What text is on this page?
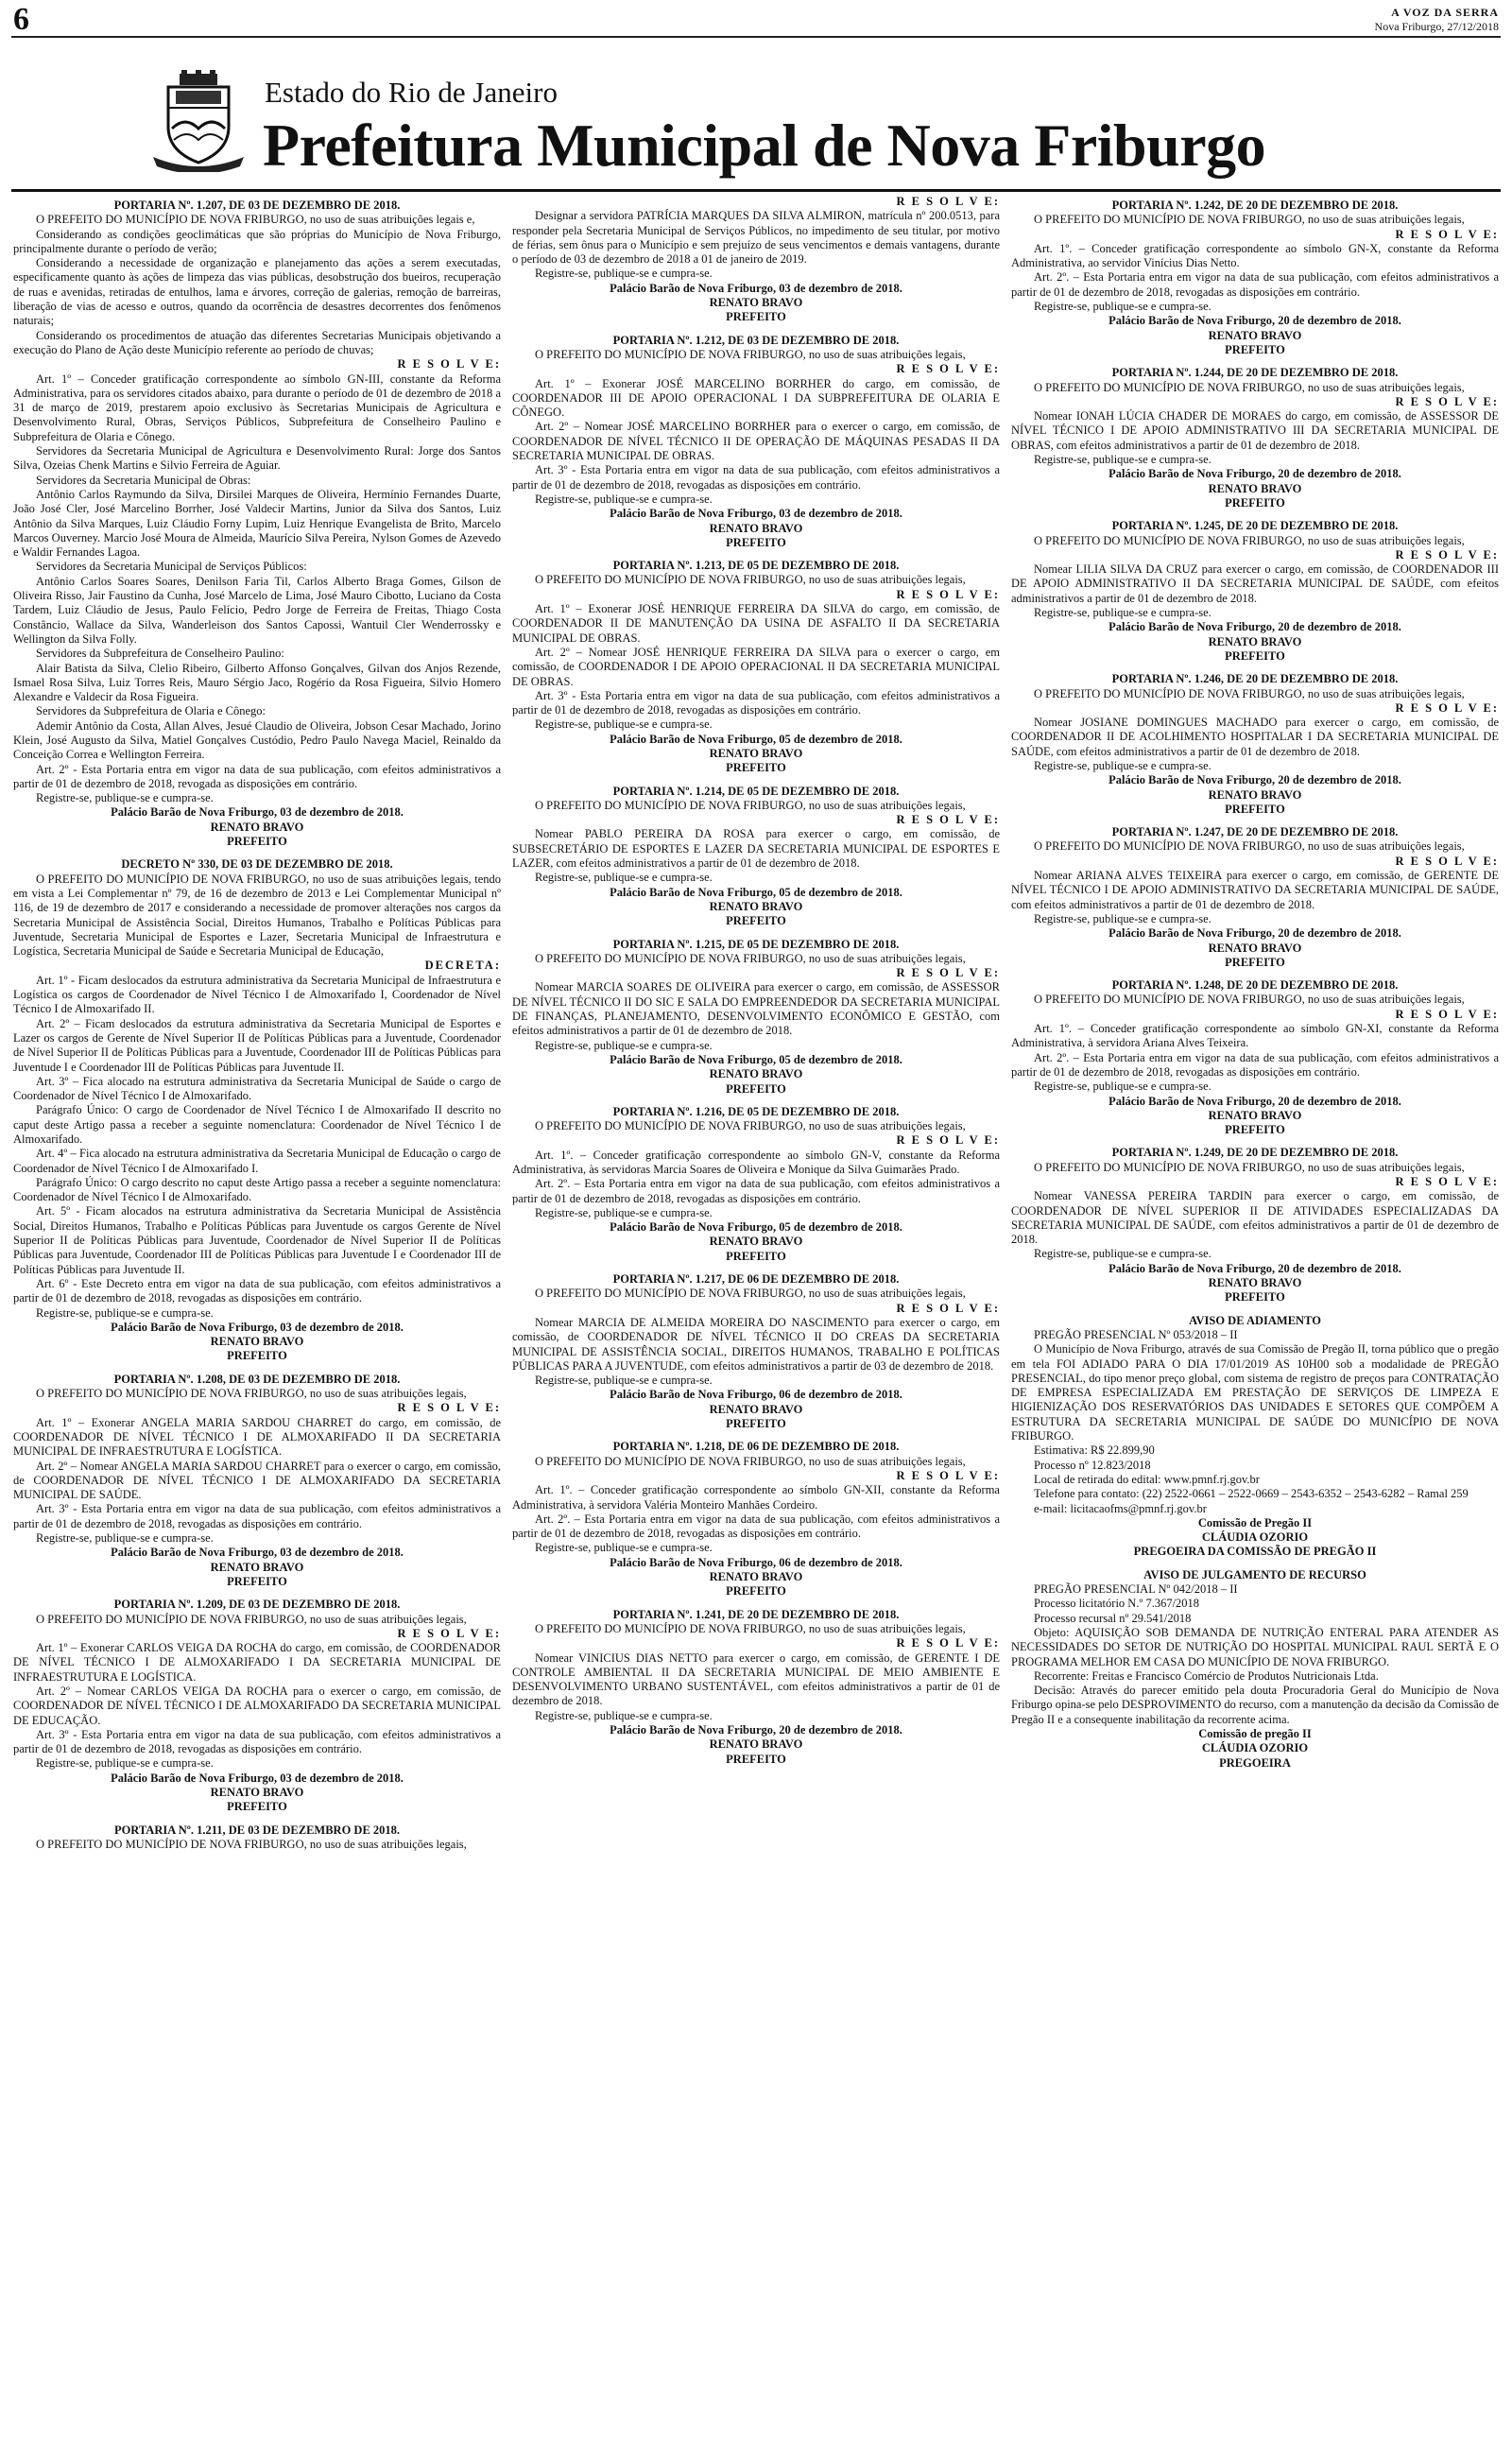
6	A VOZ DA SERRA
Nova Friburgo, 27/12/2018
Estado do Rio de Janeiro
Prefeitura Municipal de Nova Friburgo
PORTARIA Nº. 1.207, DE 03 DE DEZEMBRO DE 2018.

O PREFEITO DO MUNICÍPIO DE NOVA FRIBURGO, no uso de suas atribuições legais e,

Considerando as condições geoclimáticas que são próprias do Município de Nova Friburgo, principalmente durante o período de verão;

Considerando a necessidade de organização e planejamento das ações a serem executadas, especificamente quanto às ações de limpeza das vias públicas, desobstrução dos bueiros, recuperação de ruas e avenidas, retiradas de entulhos, lama e árvores, correção de galerias, remoção de barreiras, liberação de vias de acesso e outros, quando da ocorrência de desastres decorrentes dos fenômenos naturais;

Considerando os procedimentos de atuação das diferentes Secretarias Municipais objetivando a execução do Plano de Ação deste Município referente ao período de chuvas;

R E S O L V E:

Art. 1º – Conceder gratificação correspondente ao símbolo GN-III, constante da Reforma Administrativa, para os servidores citados abaixo, para durante o período de 01 de dezembro de 2018 a 31 de março de 2019, prestarem apoio exclusivo às Secretarias Municipais de Agricultura e Desenvolvimento Rural, Obras, Serviços Públicos, Subprefeitura de Conselheiro Paulino e Subprefeitura de Olaria e Cônego.

Servidores da Secretaria Municipal de Agricultura e Desenvolvimento Rural: Jorge dos Santos Silva, Ozeias Chenk Martins e Silvio Ferreira de Aguiar.

Servidores da Secretaria Municipal de Obras:

Antônio Carlos Raymundo da Silva, Dirsilei Marques de Oliveira, Hermínio Fernandes Duarte, João José Cler, José Marcelino Borrher, José Valdecir Martins, Junior da Silva dos Santos, Luiz Antônio da Silva Marques, Luiz Cláudio Forny Lupim, Luiz Henrique Evangelista de Brito, Marcelo Marcos Ouverney. Marcio José Moura de Almeida, Maurício Silva Pereira, Nylson Gomes de Azevedo e Waldir Fernandes Lagoa.

Servidores da Secretaria Municipal de Serviços Públicos:

Antônio Carlos Soares Soares, Denilson Faria Til, Carlos Alberto Braga Gomes, Gilson de Oliveira Risso, Jair Faustino da Cunha, José Marcelo de Lima, José Mauro Cibotto, Luciano da Costa Tardem, Luiz Cláudio de Jesus, Paulo Felício, Pedro Jorge de Ferreira de Freitas, Thiago Costa Constâncio, Wallace da Silva, Wanderleison dos Santos Capossi, Wantuil Cler Wenderrossky e Wellington da Silva Folly.

Servidores da Subprefeitura de Conselheiro Paulino:

Alair Batista da Silva, Clelio Ribeiro, Gilberto Affonso Gonçalves, Gilvan dos Anjos Rezende, Ismael Rosa Silva, Luiz Torres Reis, Mauro Sérgio Jaco, Rogério da Rosa Figueira, Silvio Homero Alexandre e Valdecir da Rosa Figueira.

Servidores da Subprefeitura de Olaria e Cônego:

Ademir Antônio da Costa, Allan Alves, Jesué Claudio de Oliveira, Jobson Cesar Machado, Jorino Klein, José Augusto da Silva, Matiel Gonçalves Custódio, Pedro Paulo Navega Maciel, Reinaldo da Conceição Correa e Wellington Ferreira.

Art. 2º - Esta Portaria entra em vigor na data de sua publicação, com efeitos administrativos a partir de 01 de dezembro de 2018, revogada as disposições em contrário.

Registre-se, publique-se e cumpra-se.

Palácio Barão de Nova Friburgo, 03 de dezembro de 2018.
RENATO BRAVO
PREFEITO
DECRETO Nº 330, DE 03 DE DEZEMBRO DE 2018.

O PREFEITO DO MUNICÍPIO DE NOVA FRIBURGO, no uso de suas atribuições legais, tendo em vista a Lei Complementar nº 79, de 16 de dezembro de 2013 e Lei Complementar Municipal nº 116, de 19 de dezembro de 2017 e considerando a necessidade de promover alterações nos cargos da Secretaria Municipal de Assistência Social, Direitos Humanos, Trabalho e Políticas Públicas para Juventude, Secretaria Municipal de Esportes e Lazer, Secretaria Municipal de Infraestrutura e Logística, Secretaria Municipal de Saúde e Secretaria Municipal de Educação,

DECRETA:

Art. 1º - Ficam deslocados da estrutura administrativa da Secretaria Municipal de Infraestrutura e Logística os cargos de Coordenador de Nível Técnico I de Almoxarifado I, Coordenador de Nível Técnico I de Almoxarifado II.

Art. 2º – Ficam deslocados da estrutura administrativa da Secretaria Municipal de Esportes e Lazer os cargos de Gerente de Nível Superior II de Políticas Públicas para a Juventude, Coordenador de Nível Superior II de Políticas Públicas para a Juventude, Coordenador III de Políticas Públicas para Juventude I e Coordenador III de Políticas Públicas para Juventude II.

Art. 3º – Fica alocado na estrutura administrativa da Secretaria Municipal de Saúde o cargo de Coordenador de Nível Técnico I de Almoxarifado.

Parágrafo Único: O cargo de Coordenador de Nível Técnico I de Almoxarifado II descrito no caput deste Artigo passa a receber a seguinte nomenclatura: Coordenador de Nível Técnico I de Almoxarifado.

Art. 4º – Fica alocado na estrutura administrativa da Secretaria Municipal de Educação o cargo de Coordenador de Nível Técnico I de Almoxarifado I.

Parágrafo Único: O cargo descrito no caput deste Artigo passa a receber a seguinte nomenclatura: Coordenador de Nível Técnico I de Almoxarifado.

Art. 5º - Ficam alocados na estrutura administrativa da Secretaria Municipal de Assistência Social, Direitos Humanos, Trabalho e Políticas Públicas para Juventude os cargos Gerente de Nível Superior II de Políticas Públicas para Juventude, Coordenador de Nível Superior II de Políticas Públicas para Juventude, Coordenador III de Políticas Públicas para Juventude I e Coordenador III de Políticas Públicas para Juventude II.

Art. 6º - Este Decreto entra em vigor na data de sua publicação, com efeitos administrativos a partir de 01 de dezembro de 2018, revogadas as disposições em contrário.

Registre-se, publique-se e cumpra-se.

Palácio Barão de Nova Friburgo, 03 de dezembro de 2018.
RENATO BRAVO
PREFEITO
PORTARIA Nº. 1.208, DE 03 DE DEZEMBRO DE 2018.

O PREFEITO DO MUNICÍPIO DE NOVA FRIBURGO, no uso de suas atribuições legais,

R E S O L V E:

Art. 1º – Exonerar ANGELA MARIA SARDOU CHARRET do cargo, em comissão, de COORDENADOR DE NÍVEL TÉCNICO I DE ALMOXARIFADO II DA SECRETARIA MUNICIPAL DE INFRAESTRUTURA E LOGÍSTICA.

Art. 2º – Nomear ANGELA MARIA SARDOU CHARRET para o exercer o cargo, em comissão, de COORDENADOR DE NÍVEL TÉCNICO I DE ALMOXARIFADO DA SECRETARIA MUNICIPAL DE SAÚDE.

Art. 3º - Esta Portaria entra em vigor na data de sua publicação, com efeitos administrativos a partir de 01 de dezembro de 2018, revogadas as disposições em contrário.

Registre-se, publique-se e cumpra-se.

Palácio Barão de Nova Friburgo, 03 de dezembro de 2018.
RENATO BRAVO
PREFEITO
PORTARIA Nº. 1.209, DE 03 DE DEZEMBRO DE 2018.

O PREFEITO DO MUNICÍPIO DE NOVA FRIBURGO, no uso de suas atribuições legais,

R E S O L V E:

Art. 1º – Exonerar CARLOS VEIGA DA ROCHA do cargo, em comissão, de COORDENADOR DE NÍVEL TÉCNICO I DE ALMOXARIFADO I DA SECRETARIA MUNICIPAL DE INFRAESTRUTURA E LOGÍSTICA.

Art. 2º – Nomear CARLOS VEIGA DA ROCHA para o exercer o cargo, em comissão, de COORDENADOR DE NÍVEL TÉCNICO I DE ALMOXARIFADO DA SECRETARIA MUNICIPAL DE EDUCAÇÃO.

Art. 3º - Esta Portaria entra em vigor na data de sua publicação, com efeitos administrativos a partir de 01 de dezembro de 2018, revogadas as disposições em contrário.

Registre-se, publique-se e cumpra-se.

Palácio Barão de Nova Friburgo, 03 de dezembro de 2018.
RENATO BRAVO
PREFEITO
PORTARIA Nº. 1.211, DE 03 DE DEZEMBRO DE 2018.

O PREFEITO DO MUNICÍPIO DE NOVA FRIBURGO, no uso de suas atribuições legais,

R E S O L V E:

Designar a servidora PATRÍCIA MARQUES DA SILVA ALMIRON, matrícula nº 200.0513, para responder pela Secretaria Municipal de Serviços Públicos, no impedimento de seu titular, por motivo de férias, sem ônus para o Município e sem prejuízo de seus vencimentos e demais vantagens, durante o período de 03 de dezembro de 2018 a 01 de janeiro de 2019.

Registre-se, publique-se e cumpra-se.

Palácio Barão de Nova Friburgo, 03 de dezembro de 2018.
RENATO BRAVO
PREFEITO
PORTARIA Nº. 1.212, DE 03 DE DEZEMBRO DE 2018.

O PREFEITO DO MUNICÍPIO DE NOVA FRIBURGO, no uso de suas atribuições legais,

R E S O L V E:

Art. 1º – Exonerar JOSÉ MARCELINO BORRHER do cargo, em comissão, de COORDENADOR III DE APOIO OPERACIONAL I DA SUBPREFEITURA DE OLARIA E CÔNEGO.

Art. 2º – Nomear JOSÉ MARCELINO BORRHER para o exercer o cargo, em comissão, de COORDENADOR DE NÍVEL TÉCNICO II DE OPERAÇÃO DE MÁQUINAS PESADAS II DA SECRETARIA MUNICIPAL DE OBRAS.

Art. 3º - Esta Portaria entra em vigor na data de sua publicação, com efeitos administrativos a partir de 01 de dezembro de 2018, revogadas as disposições em contrário.

Registre-se, publique-se e cumpra-se.

Palácio Barão de Nova Friburgo, 03 de dezembro de 2018.
RENATO BRAVO
PREFEITO
PORTARIA Nº. 1.213, DE 05 DE DEZEMBRO DE 2018.

O PREFEITO DO MUNICÍPIO DE NOVA FRIBURGO, no uso de suas atribuições legais,

R E S O L V E:

Art. 1º – Exonerar JOSÉ HENRIQUE FERREIRA DA SILVA do cargo, em comissão, de COORDENADOR II DE MANUTENÇÃO DA USINA DE ASFALTO II DA SECRETARIA MUNICIPAL DE OBRAS.

Art. 2º – Nomear JOSÉ HENRIQUE FERREIRA DA SILVA para o exercer o cargo, em comissão, de COORDENADOR I DE APOIO OPERACIONAL II DA SECRETARIA MUNICIPAL DE OBRAS.

Art. 3º - Esta Portaria entra em vigor na data de sua publicação, com efeitos administrativos a partir de 01 de dezembro de 2018, revogadas as disposições em contrário.

Registre-se, publique-se e cumpra-se.

Palácio Barão de Nova Friburgo, 05 de dezembro de 2018.
RENATO BRAVO
PREFEITO
PORTARIA Nº. 1.214, DE 05 DE DEZEMBRO DE 2018.

O PREFEITO DO MUNICÍPIO DE NOVA FRIBURGO, no uso de suas atribuições legais,

R E S O L V E:

Nomear PABLO PEREIRA DA ROSA para exercer o cargo, em comissão, de SUBSECRETÁRIO DE ESPORTES E LAZER DA SECRETARIA MUNICIPAL DE ESPORTES E LAZER, com efeitos administrativos a partir de 01 de dezembro de 2018.

Registre-se, publique-se e cumpra-se.

Palácio Barão de Nova Friburgo, 05 de dezembro de 2018.
RENATO BRAVO
PREFEITO
PORTARIA Nº. 1.215, DE 05 DE DEZEMBRO DE 2018.

O PREFEITO DO MUNICÍPIO DE NOVA FRIBURGO, no uso de suas atribuições legais,

R E S O L V E:

Nomear MARCIA SOARES DE OLIVEIRA para exercer o cargo, em comissão, de ASSESSOR DE NÍVEL TÉCNICO II DO SIC E SALA DO EMPREENDEDOR DA SECRETARIA MUNICIPAL DE FINANÇAS, PLANEJAMENTO, DESENVOLVIMENTO ECONÔMICO E GESTÃO, com efeitos administrativos a partir de 01 de dezembro de 2018.

Registre-se, publique-se e cumpra-se.

Palácio Barão de Nova Friburgo, 05 de dezembro de 2018.
RENATO BRAVO
PREFEITO
PORTARIA Nº. 1.216, DE 05 DE DEZEMBRO DE 2018.

O PREFEITO DO MUNICÍPIO DE NOVA FRIBURGO, no uso de suas atribuições legais,

R E S O L V E:

Art. 1º. – Conceder gratificação correspondente ao símbolo GN-V, constante da Reforma Administrativa, às servidoras Marcia Soares de Oliveira e Monique da Silva Guimarães Prado.

Art. 2º. – Esta Portaria entra em vigor na data de sua publicação, com efeitos administrativos a partir de 01 de dezembro de 2018, revogadas as disposições em contrário.

Registre-se, publique-se e cumpra-se.

Palácio Barão de Nova Friburgo, 05 de dezembro de 2018.
RENATO BRAVO
PREFEITO
PORTARIA Nº. 1.217, DE 06 DE DEZEMBRO DE 2018.

O PREFEITO DO MUNICÍPIO DE NOVA FRIBURGO, no uso de suas atribuições legais,

R E S O L V E:

Nomear MARCIA DE ALMEIDA MOREIRA DO NASCIMENTO para exercer o cargo, em comissão, de COORDENADOR DE NÍVEL TÉCNICO II DO CREAS DA SECRETARIA MUNICIPAL DE ASSISTÊNCIA SOCIAL, DIREITOS HUMANOS, TRABALHO E POLÍTICAS PÚBLICAS PARA A JUVENTUDE, com efeitos administrativos a partir de 03 de dezembro de 2018.

Registre-se, publique-se e cumpra-se.

Palácio Barão de Nova Friburgo, 06 de dezembro de 2018.
RENATO BRAVO
PREFEITO
PORTARIA Nº. 1.218, DE 06 DE DEZEMBRO DE 2018.

O PREFEITO DO MUNICÍPIO DE NOVA FRIBURGO, no uso de suas atribuições legais,

R E S O L V E:

Art. 1º. – Conceder gratificação correspondente ao símbolo GN-XII, constante da Reforma Administrativa, à servidora Valéria Monteiro Manhães Cordeiro.

Art. 2º. – Esta Portaria entra em vigor na data de sua publicação, com efeitos administrativos a partir de 01 de dezembro de 2018, revogadas as disposições em contrário.

Registre-se, publique-se e cumpra-se.

Palácio Barão de Nova Friburgo, 06 de dezembro de 2018.
RENATO BRAVO
PREFEITO
PORTARIA Nº. 1.241, DE 20 DE DEZEMBRO DE 2018.

O PREFEITO DO MUNICÍPIO DE NOVA FRIBURGO, no uso de suas atribuições legais,

R E S O L V E:

Nomear VINICIUS DIAS NETTO para exercer o cargo, em comissão, de GERENTE I DE CONTROLE AMBIENTAL II DA SECRETARIA MUNICIPAL DE MEIO AMBIENTE E DESENVOLVIMENTO URBANO SUSTENTÁVEL, com efeitos administrativos a partir de 01 de dezembro de 2018.

Registre-se, publique-se e cumpra-se.

Palácio Barão de Nova Friburgo, 20 de dezembro de 2018.
RENATO BRAVO
PREFEITO
PORTARIA Nº. 1.242, DE 20 DE DEZEMBRO DE 2018.

O PREFEITO DO MUNICÍPIO DE NOVA FRIBURGO, no uso de suas atribuições legais,

R E S O L V E:

Art. 1º. – Conceder gratificação correspondente ao símbolo GN-X, constante da Reforma Administrativa, ao servidor Vinícius Dias Netto.

Art. 2º. – Esta Portaria entra em vigor na data de sua publicação, com efeitos administrativos a partir de 01 de dezembro de 2018, revogadas as disposições em contrário.

Registre-se, publique-se e cumpra-se.

Palácio Barão de Nova Friburgo, 20 de dezembro de 2018.
RENATO BRAVO
PREFEITO
PORTARIA Nº. 1.244, DE 20 DE DEZEMBRO DE 2018.

O PREFEITO DO MUNICÍPIO DE NOVA FRIBURGO, no uso de suas atribuições legais,

R E S O L V E:

Nomear IONAH LÚCIA CHADER DE MORAES do cargo, em comissão, de ASSESSOR DE NÍVEL TÉCNICO I DE APOIO ADMINISTRATIVO III DA SECRETARIA MUNICIPAL DE OBRAS, com efeitos administrativos a partir de 01 de dezembro de 2018.

Registre-se, publique-se e cumpra-se.

Palácio Barão de Nova Friburgo, 20 de dezembro de 2018.
RENATO BRAVO
PREFEITO
PORTARIA Nº. 1.245, DE 20 DE DEZEMBRO DE 2018.

O PREFEITO DO MUNICÍPIO DE NOVA FRIBURGO, no uso de suas atribuições legais,

R E S O L V E:

Nomear LILIA SILVA DA CRUZ para exercer o cargo, em comissão, de COORDENADOR III DE APOIO ADMINISTRATIVO II DA SECRETARIA MUNICIPAL DE SAÚDE, com efeitos administrativos a partir de 01 de dezembro de 2018.

Registre-se, publique-se e cumpra-se.

Palácio Barão de Nova Friburgo, 20 de dezembro de 2018.
RENATO BRAVO
PREFEITO
PORTARIA Nº. 1.246, DE 20 DE DEZEMBRO DE 2018.

O PREFEITO DO MUNICÍPIO DE NOVA FRIBURGO, no uso de suas atribuições legais,

R E S O L V E:

Nomear JOSIANE DOMINGUES MACHADO para exercer o cargo, em comissão, de COORDENADOR II DE ACOLHIMENTO HOSPITALAR I DA SECRETARIA MUNICIPAL DE SAÚDE, com efeitos administrativos a partir de 01 de dezembro de 2018.

Registre-se, publique-se e cumpra-se.

Palácio Barão de Nova Friburgo, 20 de dezembro de 2018.
RENATO BRAVO
PREFEITO
PORTARIA Nº. 1.247, DE 20 DE DEZEMBRO DE 2018.

O PREFEITO DO MUNICÍPIO DE NOVA FRIBURGO, no uso de suas atribuições legais,

R E S O L V E:

Nomear ARIANA ALVES TEIXEIRA para exercer o cargo, em comissão, de GERENTE DE NÍVEL TÉCNICO I DE APOIO ADMINISTRATIVO DA SECRETARIA MUNICIPAL DE SAÚDE, com efeitos administrativos a partir de 01 de dezembro de 2018.

Registre-se, publique-se e cumpra-se.

Palácio Barão de Nova Friburgo, 20 de dezembro de 2018.
RENATO BRAVO
PREFEITO
PORTARIA Nº. 1.248, DE 20 DE DEZEMBRO DE 2018.

O PREFEITO DO MUNICÍPIO DE NOVA FRIBURGO, no uso de suas atribuições legais,

R E S O L V E:

Art. 1º. – Conceder gratificação correspondente ao símbolo GN-XI, constante da Reforma Administrativa, à servidora Ariana Alves Teixeira.

Art. 2º. – Esta Portaria entra em vigor na data de sua publicação, com efeitos administrativos a partir de 01 de dezembro de 2018, revogadas as disposições em contrário.

Registre-se, publique-se e cumpra-se.

Palácio Barão de Nova Friburgo, 20 de dezembro de 2018.
RENATO BRAVO
PREFEITO
PORTARIA Nº. 1.249, DE 20 DE DEZEMBRO DE 2018.

O PREFEITO DO MUNICÍPIO DE NOVA FRIBURGO, no uso de suas atribuições legais,

R E S O L V E:

Nomear VANESSA PEREIRA TARDIN para exercer o cargo, em comissão, de COORDENADOR DE NÍVEL SUPERIOR II DE ATIVIDADES ESPECIALIZADAS DA SECRETARIA MUNICIPAL DE SAÚDE, com efeitos administrativos a partir de 01 de dezembro de 2018.

Registre-se, publique-se e cumpra-se.

Palácio Barão de Nova Friburgo, 20 de dezembro de 2018.
RENATO BRAVO
PREFEITO
AVISO DE ADIAMENTO

PREGÃO PRESENCIAL Nº 053/2018 – II

O Município de Nova Friburgo, através de sua Comissão de Pregão II, torna público que o pregão em tela FOI ADIADO PARA O DIA 17/01/2019 AS 10H00 sob a modalidade de PREGÃO PRESENCIAL, do tipo menor preço global, com sistema de registro de preços para CONTRATAÇÃO DE EMPRESA ESPECIALIZADA EM PRESTAÇÃO DE SERVIÇOS DE LIMPEZA E HIGIENIZAÇÃO DOS RESERVATÓRIOS DAS UNIDADES E SETORES QUE COMPÕEM A ESTRUTURA DA SECRETARIA MUNICIPAL DE SAÚDE DO MUNICÍPIO DE NOVA FRIBURGO.

Estimativa: R$ 22.899,90

Processo nº 12.823/2018

Local de retirada do edital: www.pmnf.rj.gov.br

Telefone para contato: (22) 2522-0661 – 2522-0669 – 2543-6352 – 2543-6282 – Ramal 259

e-mail: licitacaofms@pmnf.rj.gov.br

Comissão de Pregão II
CLÁUDIA OZORIO
PREGOEIRA DA COMISSÃO DE PREGÃO II
AVISO DE JULGAMENTO DE RECURSO

PREGÃO PRESENCIAL Nº 042/2018 – II

Processo licitatório N.º 7.367/2018

Processo recursal nº 29.541/2018

Objeto: AQUISIÇÃO SOB DEMANDA DE NUTRIÇÃO ENTERAL PARA ATENDER AS NECESSIDADES DO SETOR DE NUTRIÇÃO DO HOSPITAL MUNICIPAL RAUL SERTÃ E O PROGRAMA MELHOR EM CASA DO MUNICÍPIO DE NOVA FRIBURGO.

Recorrente: Freitas e Francisco Comércio de Produtos Nutricionais Ltda.

Decisão: Através do parecer emitido pela douta Procuradoria Geral do Município de Nova Friburgo opina-se pelo DESPROVIMENTO do recurso, com a manutenção da decisão da Comissão de Pregão II e a consequente inabilitação da recorrente acima.

Comissão de pregão II
CLÁUDIA OZORIO
PREGOEIRA
